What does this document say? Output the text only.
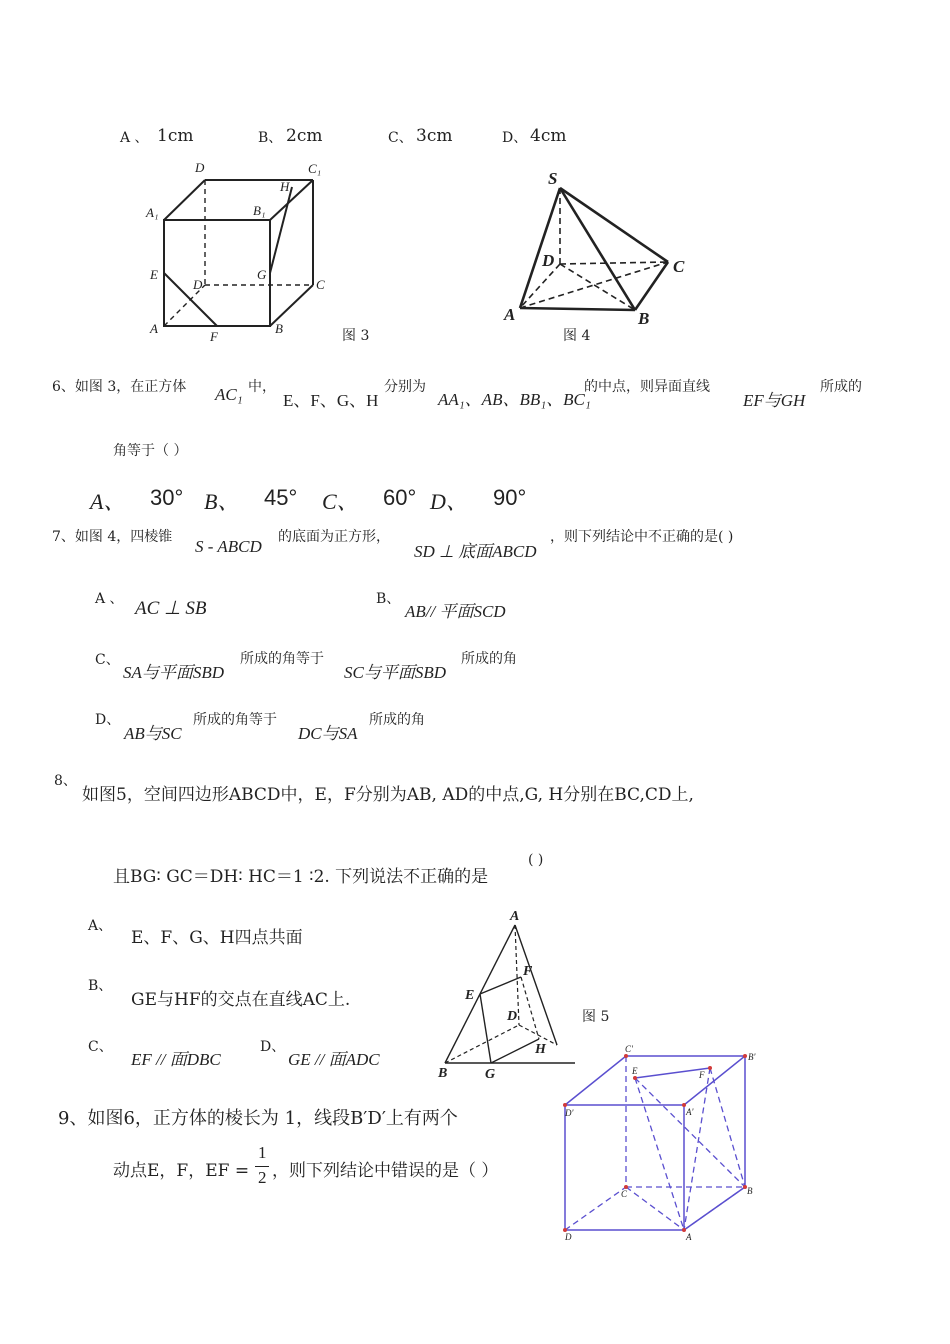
A 、 1cm	B、 2cm	C、 3cm	D、 4cm
D	C₁
H
A₁	B₁
E	G
D	C
A
F
B	图 3
S
D	C
A	B
图 4
6、如图 3，在正方体 AC₁ 中，
E、F、G、H
分别为
AA₁、AB、BB₁、BC₁
的中点，则异面直线
EF与GH
所成的
角等于（ ）
A、 30° B、 45° C、 60° D、 90°
7、如图 4，四棱锥 S - ABCD 的底面为正方形，
SD ⊥ 底面ABCD
，则下列结论中不正确的是( )
A 、 AC ⊥ SB	B、
AB// 平面SCD
C、
SA与平面SBD
所成的角等于
SC与平面SBD
所成的角
D、
AB与SC
所成的角等于
DC与SA
所成的角
8、
如图5，空间四边形ABCD中，E，F分别为AB, AD的中点,G, H分别在BC,CD上,
且BG∶ GC＝DH∶ HC＝1 ∶2. 下列说法不正确的是
( )
A、
E、F、G、H四点共面
B、
GE与HF的交点在直线AC上.
C、
EF // 面DBC
D、
GE // 面ADC
A
F
E
D
H
B	G
图 5
9、如图6，正方体的棱长为 1，线段B′D′上有两个
动点E，F，EF =
1
2 ，则下列结论中错误的是（ ）
C'
B'
E	F
A'
D'
C	B
D	A
